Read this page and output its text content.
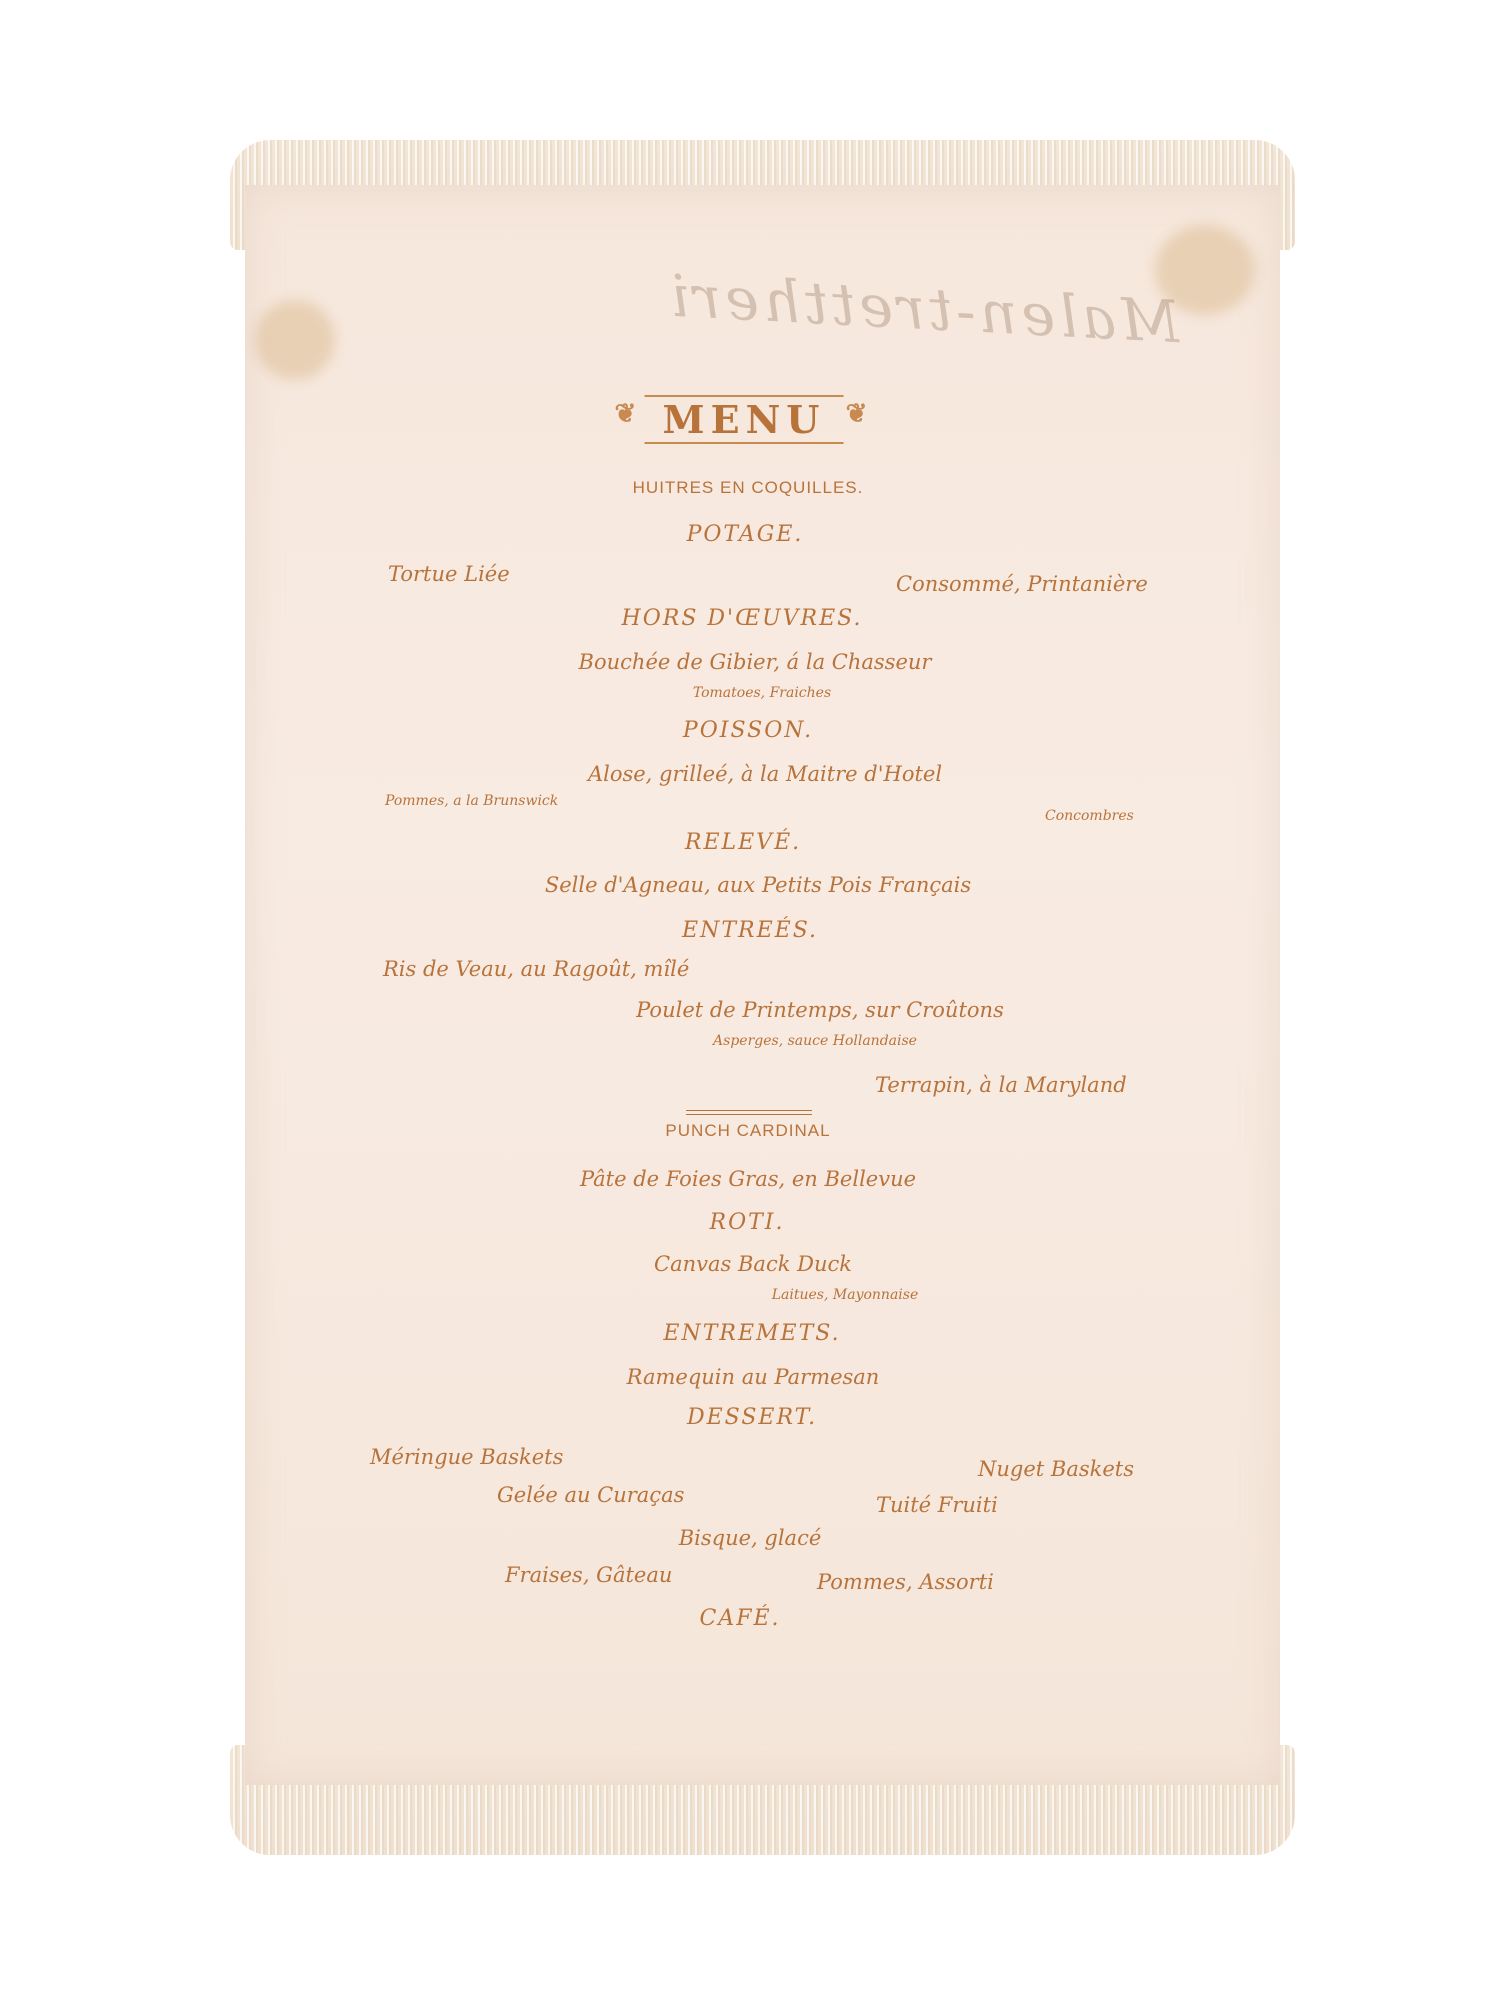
Malen-trettheri
❦ MENU ❦
HUITRES EN COQUILLES.
POTAGE.
Tortue Liée	Consommé, Printanière
HORS D'ŒUVRES.
Bouchée de Gibier, á la Chasseur
Tomatoes, Fraiches
POISSON.
Alose, grilleé, à la Maitre d'Hotel
Pommes, a la Brunswick
Concombres
RELEVÉ.
Selle d'Agneau, aux Petits Pois Français
ENTREÉS.
Ris de Veau, au Ragoût, mîlé
Poulet de Printemps, sur Croûtons
Asperges, sauce Hollandaise
Terrapin, à la Maryland
PUNCH CARDINAL
Pâte de Foies Gras, en Bellevue
ROTI.
Canvas Back Duck
Laitues, Mayonnaise
ENTREMETS.
Ramequin au Parmesan
DESSERT.
Méringue Baskets	Nuget Baskets
Gelée au Curaças	Tuité Fruiti
Bisque, glacé
Fraises, Gâteau	Pommes, Assorti
CAFÉ.
